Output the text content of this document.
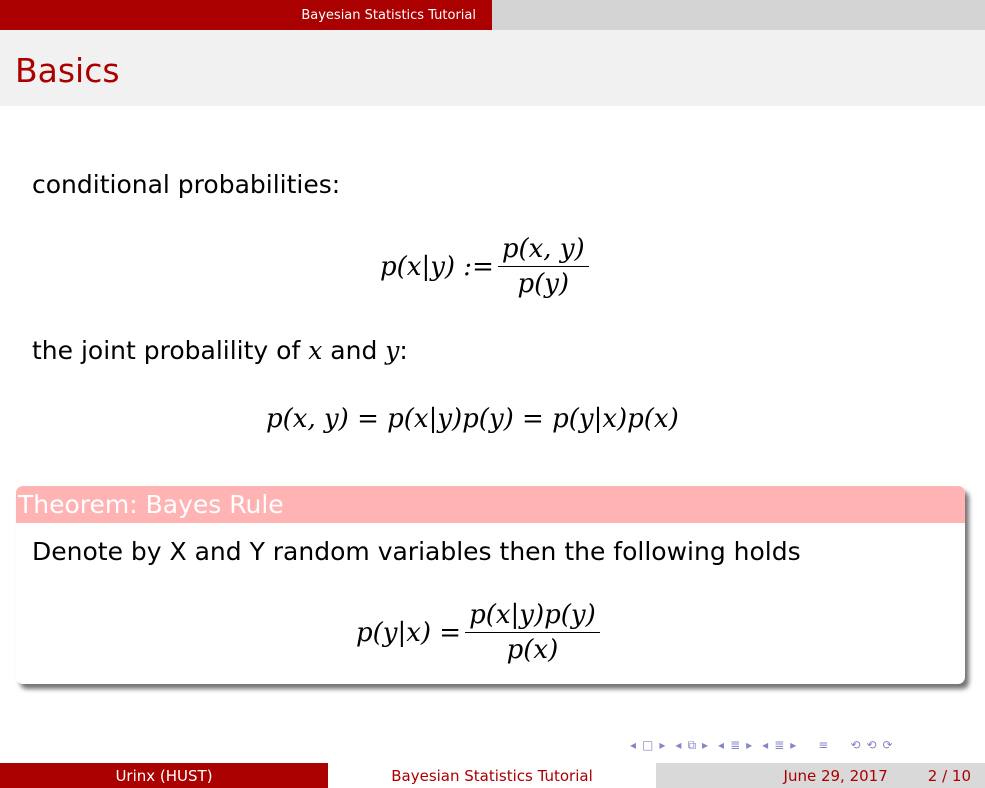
Bayesian Statistics Tutorial
Basics
conditional probabilities:
p(x|y) := $\frac{p(x, y)}{p(y)}$
the joint probalility of x and y:
p(x, y) = p(x|y)p(y) = p(y|x)p(x)
Theorem: Bayes Rule
Denote by X and Y random variables then the following holds
$p(y|x) = \frac{p(x|y)p(y)}{p(x)}$
◂ □ ▸ ◂ ⧉ ▸ ◂ ≣ ▸ ◂ ≣ ▸ ≡ ⟲ ⟲ ⟳
Urinx (HUST)	Bayesian Statistics Tutorial	June 29, 2017	2 / 10
